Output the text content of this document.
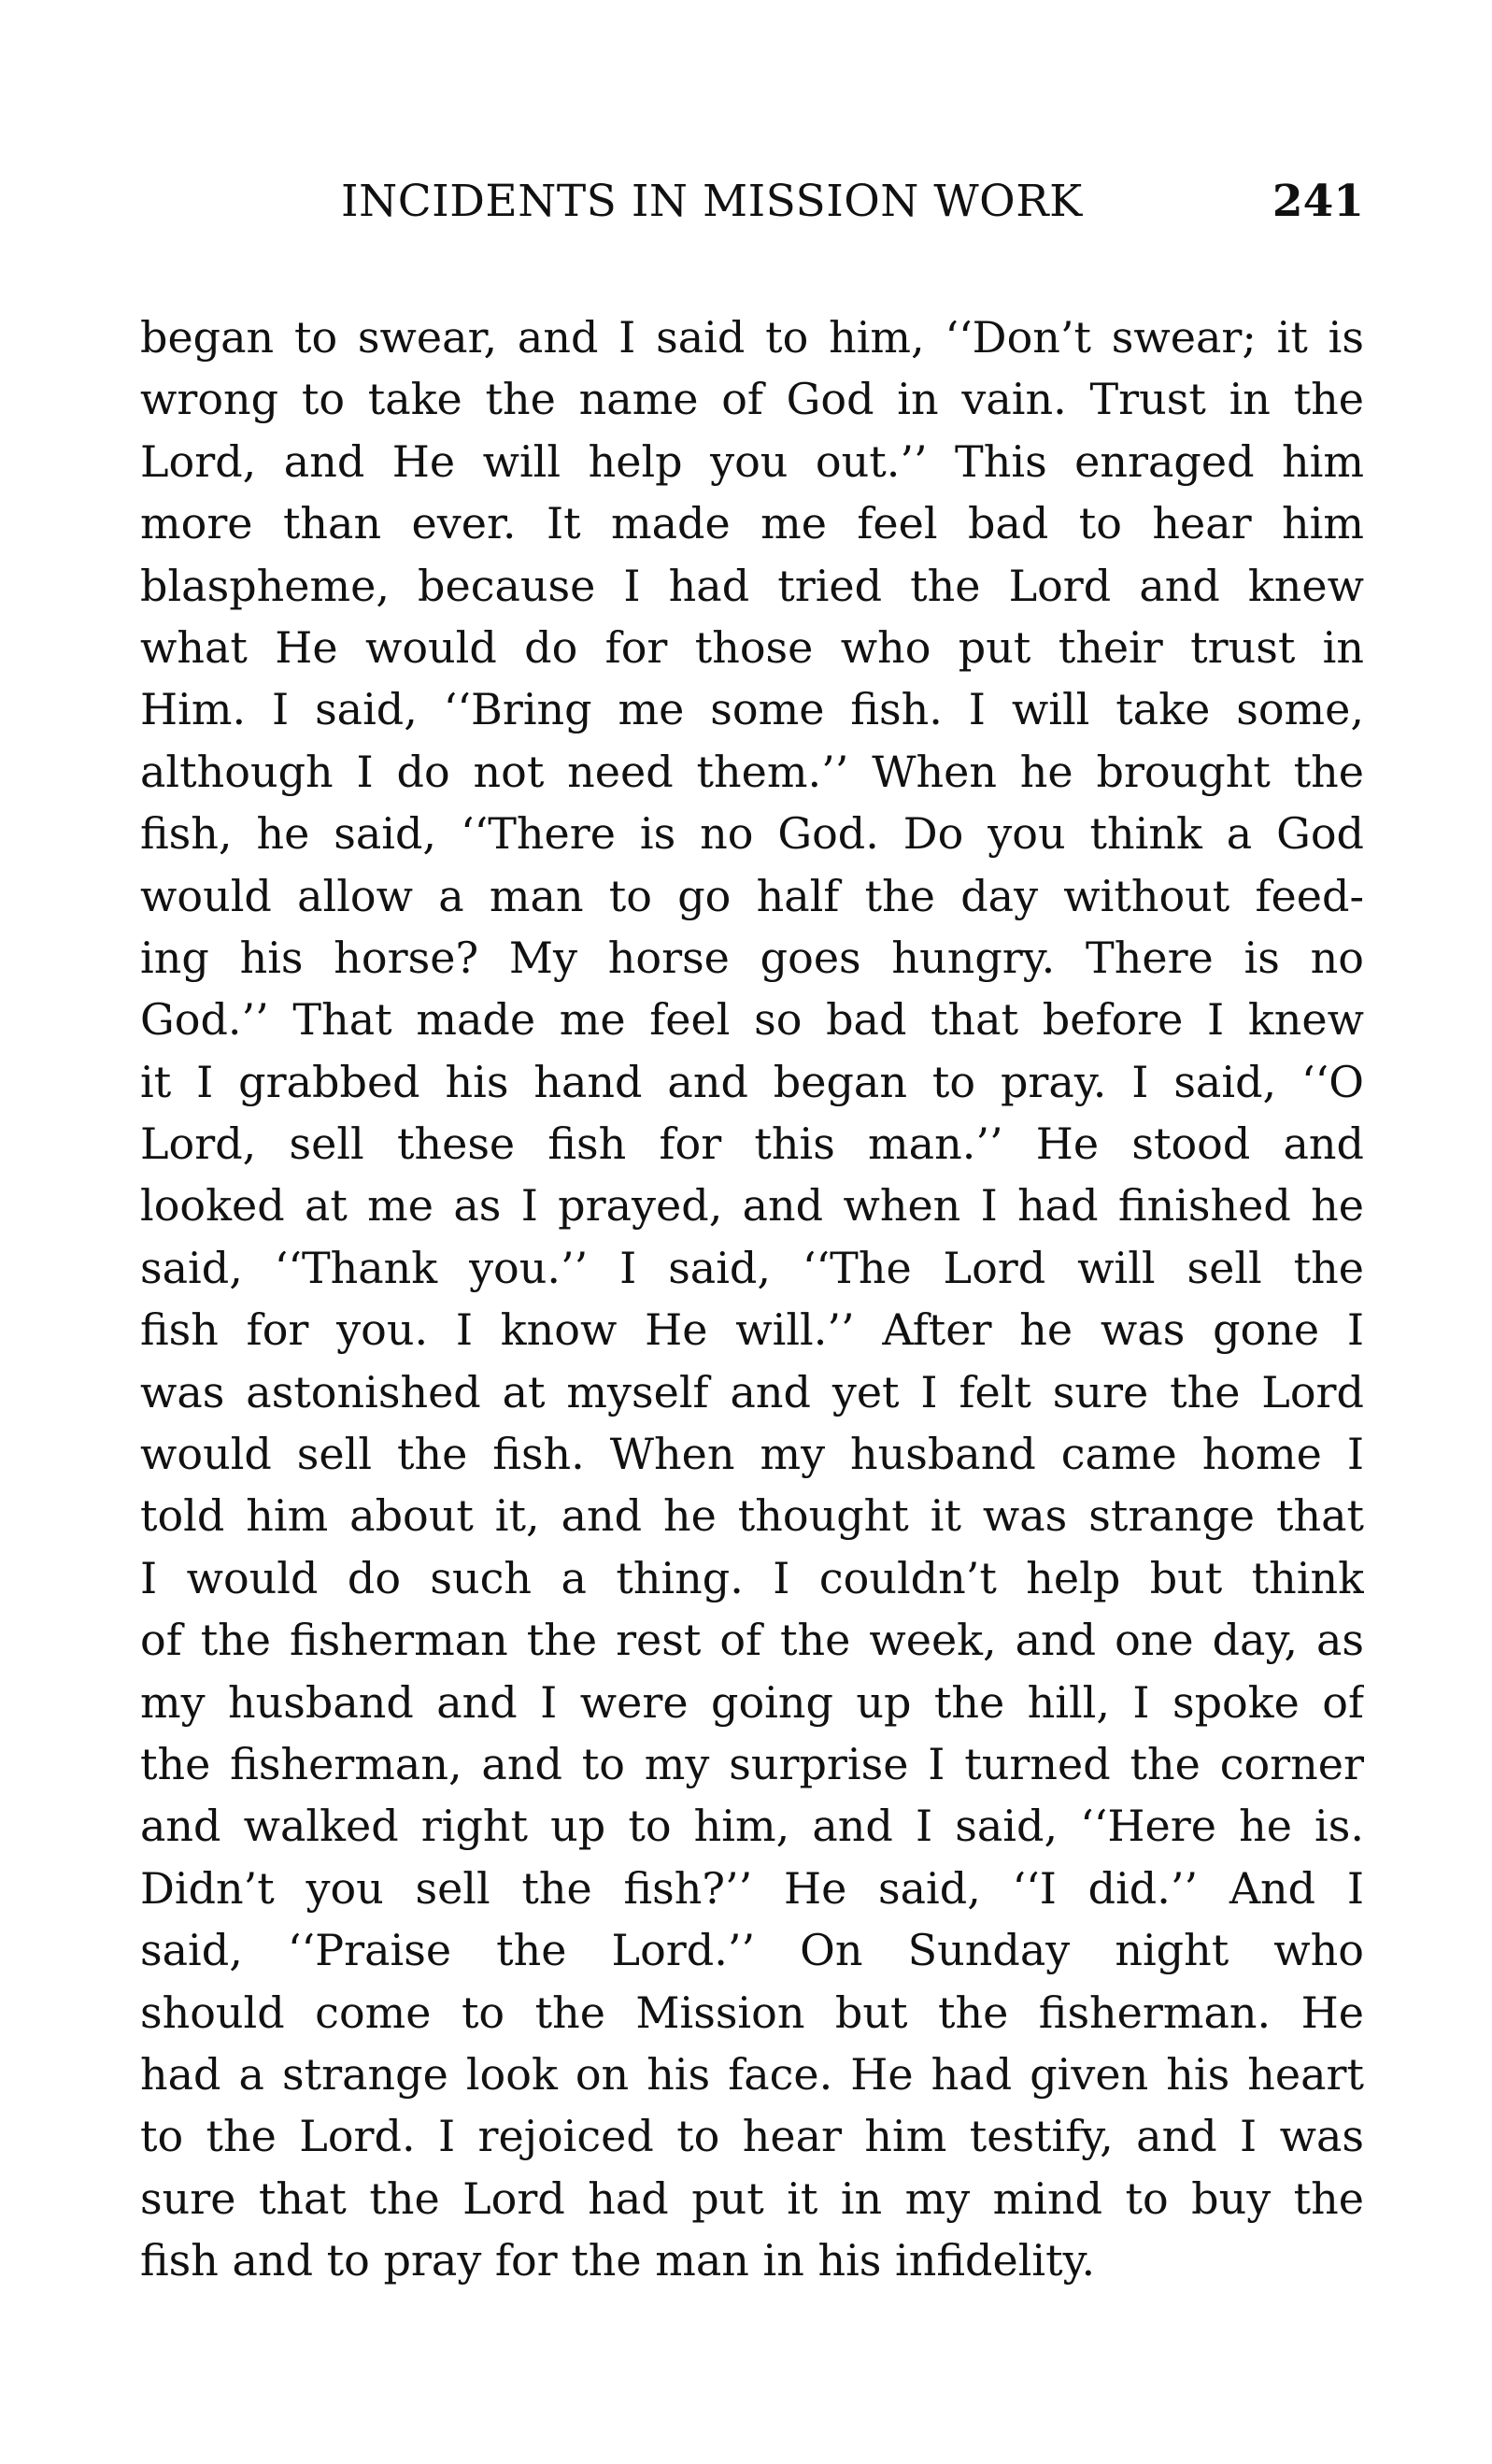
INCIDENTS IN MISSION WORK	241
began to swear, and I said to him, ‘‘Don’t swear; it is
wrong to take the name of God in vain. Trust in the
Lord, and He will help you out.’’ This enraged him
more than ever. It made me feel bad to hear him
blaspheme, because I had tried the Lord and knew
what He would do for those who put their trust in
Him. I said, ‘‘Bring me some fish. I will take some,
although I do not need them.’’ When he brought the
fish, he said, ‘‘There is no God. Do you think a God
would allow a man to go half the day without feed-
ing his horse? My horse goes hungry. There is no
God.’’ That made me feel so bad that before I knew
it I grabbed his hand and began to pray. I said, ‘‘O
Lord, sell these fish for this man.’’ He stood and
looked at me as I prayed, and when I had finished he
said, ‘‘Thank you.’’ I said, ‘‘The Lord will sell the
fish for you. I know He will.’’ After he was gone I
was astonished at myself and yet I felt sure the Lord
would sell the fish. When my husband came home I
told him about it, and he thought it was strange that
I would do such a thing. I couldn’t help but think
of the fisherman the rest of the week, and one day, as
my husband and I were going up the hill, I spoke of
the fisherman, and to my surprise I turned the corner
and walked right up to him, and I said, ‘‘Here he is.
Didn’t you sell the fish?’’ He said, ‘‘I did.’’ And I
said, ‘‘Praise the Lord.’’ On Sunday night who
should come to the Mission but the fisherman. He
had a strange look on his face. He had given his heart
to the Lord. I rejoiced to hear him testify, and I was
sure that the Lord had put it in my mind to buy the
fish and to pray for the man in his infidelity.
